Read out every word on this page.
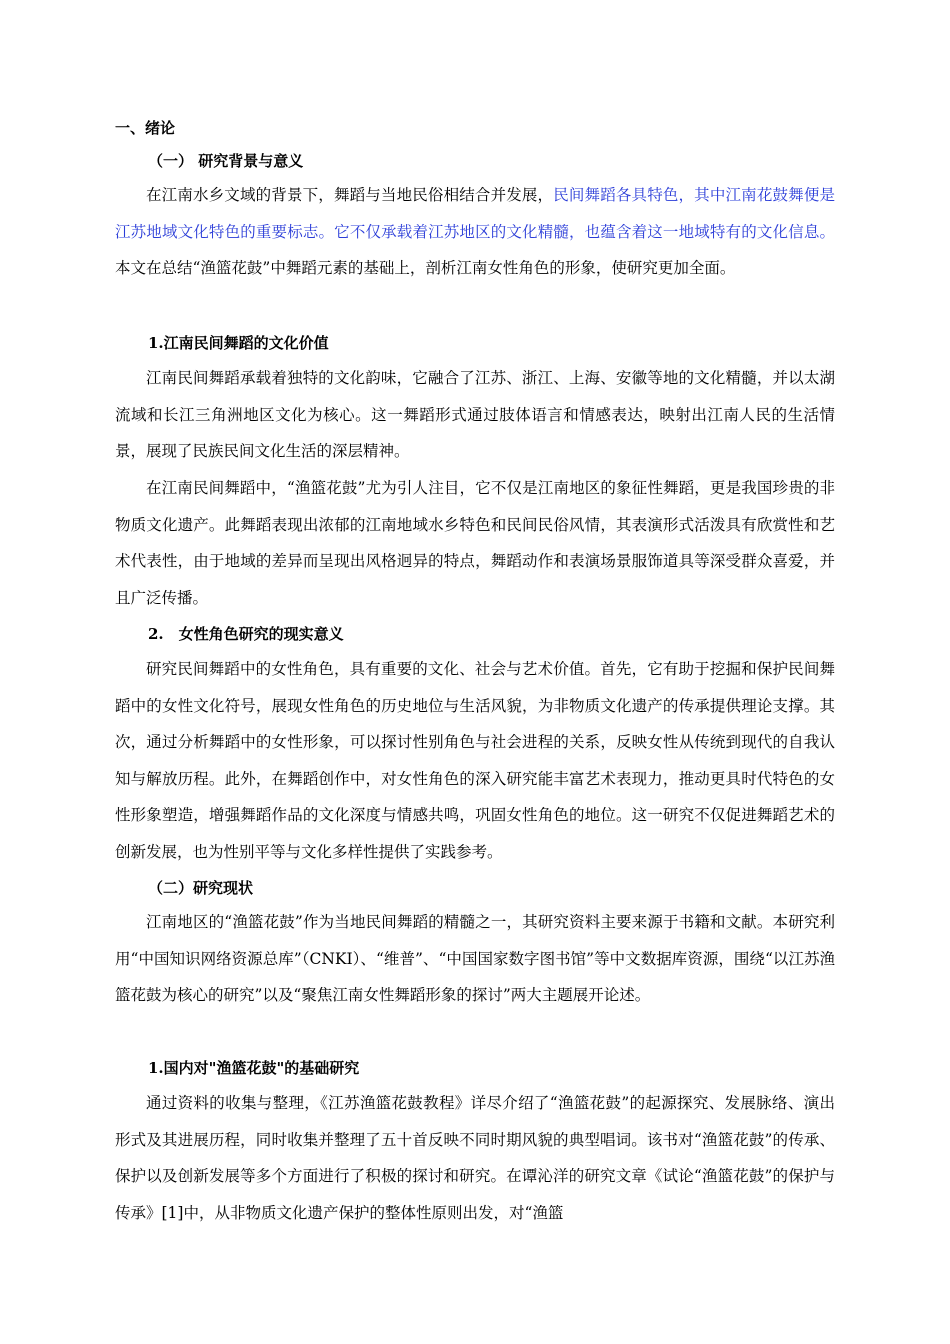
一、绪论
（一） 研究背景与意义

在江南水乡文域的背景下，舞蹈与当地民俗相结合并发展，民间舞蹈各具特色，其中江南花鼓舞便是江苏地域文化特色的重要标志。它不仅承载着江苏地区的文化精髓，也蕴含着这一地域特有的文化信息。本文在总结“渔篮花鼓”中舞蹈元素的基础上，剖析江南女性角色的形象，使研究更加全面。

1.江南民间舞蹈的文化价值

江南民间舞蹈承载着独特的文化韵味，它融合了江苏、浙江、上海、安徽等地的文化精髓，并以太湖流域和长江三角洲地区文化为核心。这一舞蹈形式通过肢体语言和情感表达，映射出江南人民的生活情景，展现了民族民间文化生活的深层精神。

在江南民间舞蹈中，“渔篮花鼓”尤为引人注目，它不仅是江南地区的象征性舞蹈，更是我国珍贵的非物质文化遗产。此舞蹈表现出浓郁的江南地域水乡特色和民间民俗风情，其表演形式活泼具有欣赏性和艺术代表性，由于地域的差异而呈现出风格迥异的特点，舞蹈动作和表演场景服饰道具等深受群众喜爱，并且广泛传播。

2.　女性角色研究的现实意义

研究民间舞蹈中的女性角色，具有重要的文化、社会与艺术价值。首先，它有助于挖掘和保护民间舞蹈中的女性文化符号，展现女性角色的历史地位与生活风貌，为非物质文化遗产的传承提供理论支撑。其次，通过分析舞蹈中的女性形象，可以探讨性别角色与社会进程的关系，反映女性从传统到现代的自我认知与解放历程。此外，在舞蹈创作中，对女性角色的深入研究能丰富艺术表现力，推动更具时代特色的女性形象塑造，增强舞蹈作品的文化深度与情感共鸣，巩固女性角色的地位。这一研究不仅促进舞蹈艺术的创新发展，也为性别平等与文化多样性提供了实践参考。

（二）研究现状

江南地区的“渔篮花鼓”作为当地民间舞蹈的精髓之一，其研究资料主要来源于书籍和文献。本研究利用“中国知识网络资源总库”（CNKI）、“维普”、“中国国家数字图书馆”等中文数据库资源，围绕“以江苏渔篮花鼓为核心的研究”以及“聚焦江南女性舞蹈形象的探讨”两大主题展开论述。

1.国内对"渔篮花鼓"的基础研究

通过资料的收集与整理，《江苏渔篮花鼓教程》详尽介绍了“渔篮花鼓”的起源探究、发展脉络、演出形式及其进展历程，同时收集并整理了五十首反映不同时期风貌的典型唱词。该书对“渔篮花鼓”的传承、保护以及创新发展等多个方面进行了积极的探讨和研究。在谭沁洋的研究文章《试论“渔篮花鼓”的保护与传承》[1]中，从非物质文化遗产保护的整体性原则出发，对“渔篮
